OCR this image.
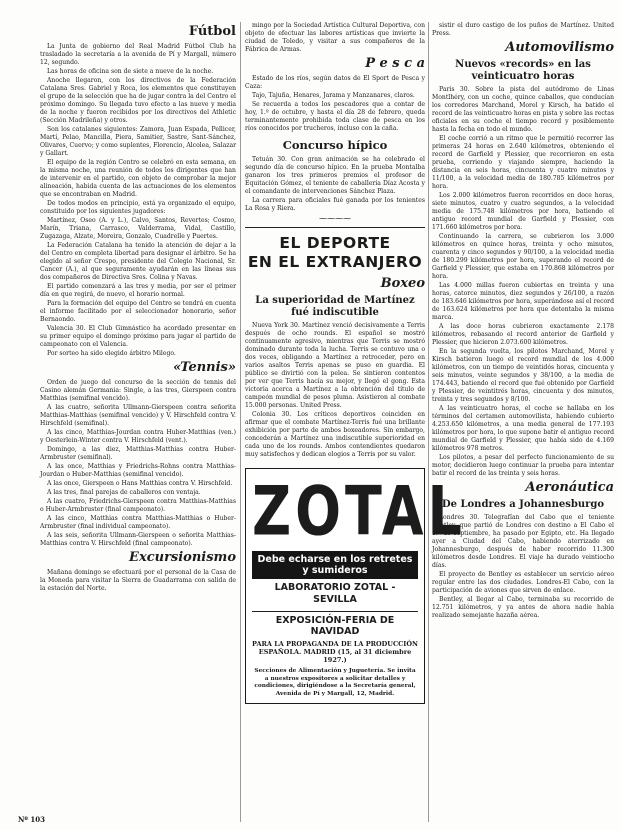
Fútbol

La Junta de gobierno del Real Madrid Fútbol Club ha trasladado la secretaría a la avenida de Pí y Margall, número 12, segundo.

Las horas de oficina son de siete a nueve de la noche.

Anoche llegaron, con los directivos de la Federación Catalana Sres. Gabriel y Roca, los elementos que constituyen el grupo de la selección que ha de jugar contra la del Centro el próximo domingo. Su llegada tuvo efecto a las nueve y media de la noche y fueron recibidos por los directivos del Athletic (Sección Madrileña) y otros.

Son los catalanes siguientes: Zamora, Juan Espada, Pellicer, Martí, Pelao, Mancilla, Piera, Samitier, Sastre, Sant-Sánchez, Olivares, Cuervo; y como suplentes, Florencio, Alcolea, Salazar y Gallart.

El equipo de la región Centro se celebró en esta semana, en la misma noche, una reunión de todos los dirigentes que han de intervenir en el partido, con objeto de comprobar la mejor alineación, habida cuenta de las actuaciones de los elementos que se encontraban en Madrid.

De todos modos en principio, está ya organizado el equipo, constituido por los siguientes jugadores:

Martínez, Oseo (A. y L.), Calvo, Santos, Revertes; Cosmo, Marín, Triana, Carrasco, Valderrama, Vidal, Castillo, Zugazaga, Alzate, Moreira, Gonzalo, Cuadrelle y Puertes.

La Federación Catalana ha tenido la atención de dejar a la del Centro en completa libertad para designar el árbitro. Se ha elegido al señor Crespo, presidente del Colegio Nacional, Sr. Cancer (A.), al que seguramente ayudarán en las líneas sus dos compañeros de Directiva Sres. Colina y Navas.

El partido comenzará a las tres y media, por ser el primer día en que regirá, de nuevo, el horario normal.

Para la formación del equipo del Centro se tendrá en cuenta el informe facilitado por el seleccionador honorario, señor Bernaondo.

Valencia 30. El Club Gimnástico ha acordado presentar en su primer equipo el domingo próximo para jugar el partido de campeonato con el Valencia.

Por sorteo ha sido elegido árbitro Milego.

«Tennis»

Orden de juego del concurso de la sección de tennis del Casino alemán Germania: Single, a las tres, Gierspeen contra Matthias (semifinal vencido).

A las cuatro, señorita Ullmann-Gierspeen contra señorita Matthias-Matthias (semifinal vencido) y V. Hirschfeld contra V. Hirschfeld (semifinal).

A las cinco, Matthias-Jourdan contra Huber-Matthias (ven.) y Oesterlein-Winter contra V. Hirschfeld (vent.).

Domingo, a las diez, Matthias-Matthias contra Huber-Armbruster (semifinal).

A las once, Matthias y Friedrichs-Rohns contra Matthias-Jourdan o Huber-Matthias (semifinal vencido).

A las once, Gierspeen o Hans Matthias contra V. Hirschfeld.

A las tres, final parejas de caballeros con ventaja.

A las cuatro, Friedrichs-Gierspeen contra Matthias-Matthias o Huber-Armbruster (final campeonato).

A las cinco, Matthias contra Matthias-Matthias o Huber-Armbruster (final individual campeonato).

A las seis, señorita Ullmann-Gierspeen o señorita Matthias-Matthias contra V. Hirschfeld (final campeonato).

Excursionismo

Mañana domingo se efectuará por el personal de la Casa de la Moneda para visitar la Sierra de Guadarrama con salida de la estación del Norte.

mingo por la Sociedad Artística Cultural Deportiva, con objeto de efectuar las labores artísticas que invierte la ciudad de Toledo, y visitar a sus compañeros de la Fábrica de Armas.

P e s c a

Estado de los ríos, según datos de El Sport de Pesca y Caza:

Tajo, Tajuña, Henares, Jarama y Manzanares, claros.

Se recuerda a todos los pescadores que a contar de hoy, 1.º de octubre, y hasta el día 28 de febrero, queda terminantemente prohibida toda clase de pesca en los ríos conocidos por trucheros, incluso con la caña.

Concurso hípico

Tetuán 30. Con gran animación se ha celebrado el segundo día de concurso hípico. En la prueba Montalba ganaron los tres primeros premios el profesor de Equitación Gómez, el teniente de caballería Díaz Acosta y el comandante de intervenciones Sánchez Plaza.

La carrera para oficiales fué ganada por los tenientes La Rosa y Riera.

⁓⁓⁓⁓
EL DEPORTE
EN EL EXTRANJERO
Boxeo
La superioridad de Martínez fué indiscutible

Nueva York 30. Martínez venció decisivamente a Terris después de ocho rounds. El español se mostró continuamente agresivo, mientras que Terris se mostró dominado durante toda la lucha. Terris se contuvo una o dos veces, obligando a Martínez a retroceder, pero en varios asaltos Terris apenas se puso en guardia. El público se divirtió con la pelea. Se sintieron contentos por ver que Terris hacía su mejor, y llegó el gong. Esta victoria acerca a Martínez a la obtención del título de campeón mundial de pesos pluma. Asistieron al combate 15.000 personas. United Press.

Colonia 30. Los críticos deportivos coinciden en afirmar que el combate Martínez-Terris fué una brillante exhibición por parte de ambos boxeadores. Sin embargo, concederán a Martínez una indiscutible superioridad en cada uno de los rounds. Ambos contendientes quedaron muy satisfechos y dedican elogios a Terris por su valor.

ZOTAL
Debe echarse en los retretes y sumideros
LABORATORIO ZOTAL - SEVILLA
EXPOSICIÓN-FERIA DE NAVIDAD
PARA LA PROPAGANDA DE LA PRODUCCIÓN ESPAÑOLA. MADRID (15, al 31 diciembre 1927.)
Secciones de Alimentación y Juguetería. Se invita a nuestros expositores a solicitar detalles y condiciones, dirigiéndose a la Secretaría general, Avenida de Pí y Margall, 12, Madrid.

sistir el duro castigo de los puños de Martínez. United Press.

Automovilismo
Nuevos «records» en las veinticuatro horas

París 30. Sobre la pista del autódromo de Linas Montlhéry, con un coche, quince caballos, que conducían los corredores Marchand, Morel y Kirsch, ha batido el record de las veinticuatro horas en pista y sobre las rectas oficiales en su coche el tiempo record y posiblemente hasta la fecha en todo el mundo.

El coche corrió a un ritmo que le permitió recorrer las primeras 24 horas en 2.640 kilómetros, obteniendo el record de Garfield y Plessier, que recorrieron en esta prueba, corriendo y viajando siempre, haciendo la distancia en seis horas, cincuenta y cuatro minutos y 11/100, a la velocidad media de 180.785 kilómetros por hora.

Los 2.000 kilómetros fueron recorridos en doce horas, siete minutos, cuatro y cuatro segundos, a la velocidad media de 175.748 kilómetros por hora, batiendo el antiguo record mundial de Garfield y Plessier, con 171.660 kilómetros por hora.

Continuando la carrera, se cubrieron los 3.000 kilómetros en quince horas, treinta y ocho minutos, cuarenta y cinco segundos y 90/100, a la velocidad media de 180.299 kilómetros por hora, superando el record de Garfield y Plessier, que estaba en 170.868 kilómetros por hora.

Las 4.000 millas fueron cubiertas en treinta y una horas, catorce minutos, diez segundos y 26/100, a razón de 183.646 kilómetros por hora, superándose así el record de 163.624 kilómetros por hora que detentaba la misma marca.

A las doce horas cubrieron exactamente 2.178 kilómetros, rebasando el record anterior de Garfield y Plessier, que hicieron 2.073.600 kilómetros.

En la segunda vuelta, los pilotos Marchand, Morel y Kirsch batieron luego el record mundial de los 4.000 kilómetros, con un tiempo de veintidós horas, cincuenta y seis minutos, veinte segundos y 38/100, a la media de 174.443, batiendo el record que fué obtenido por Garfield y Plessier, de veintitrés horas, cincuenta y dos minutos, treinta y tres segundos y 8/100.

A las veinticuatro horas, el coche se hallaba en los términos del certamen automovilista, habiendo cubierto 4.253.650 kilómetros, a una media general de 177.193 kilómetros por hora, lo que supone batir el antiguo record mundial de Garfield y Plessier, que había sido de 4.169 kilómetros 978 metros.

Los pilotos, a pesar del perfecto funcionamiento de su motor, decidieron luego continuar la prueba para intentar batir el record de las treinta y seis horas.

Aeronáutica
De Londres a Johannesburgo

Londres 30. Telegrafían del Cabo que el teniente Bentley, que partió de Londres con destino a El Cabo el 1.º de septiembre, ha pasado por Egipto, etc. Ha llegado ayer a Ciudad del Cabo, habiendo aterrizado en Johannesburgo, después de haber recorrido 11.300 kilómetros desde Londres. El viaje ha durado veintiocho días.

El proyecto de Bentley es establecer un servicio aéreo regular entre las dos ciudades. Londres-El Cabo, con la participación de aviones que sirven de enlace.

Bentley, al llegar al Cabo, terminaba su recorrido de 12.751 kilómetros, y ya antes de ahora nadie había realizado semejante hazaña aérea.

Nº 103
